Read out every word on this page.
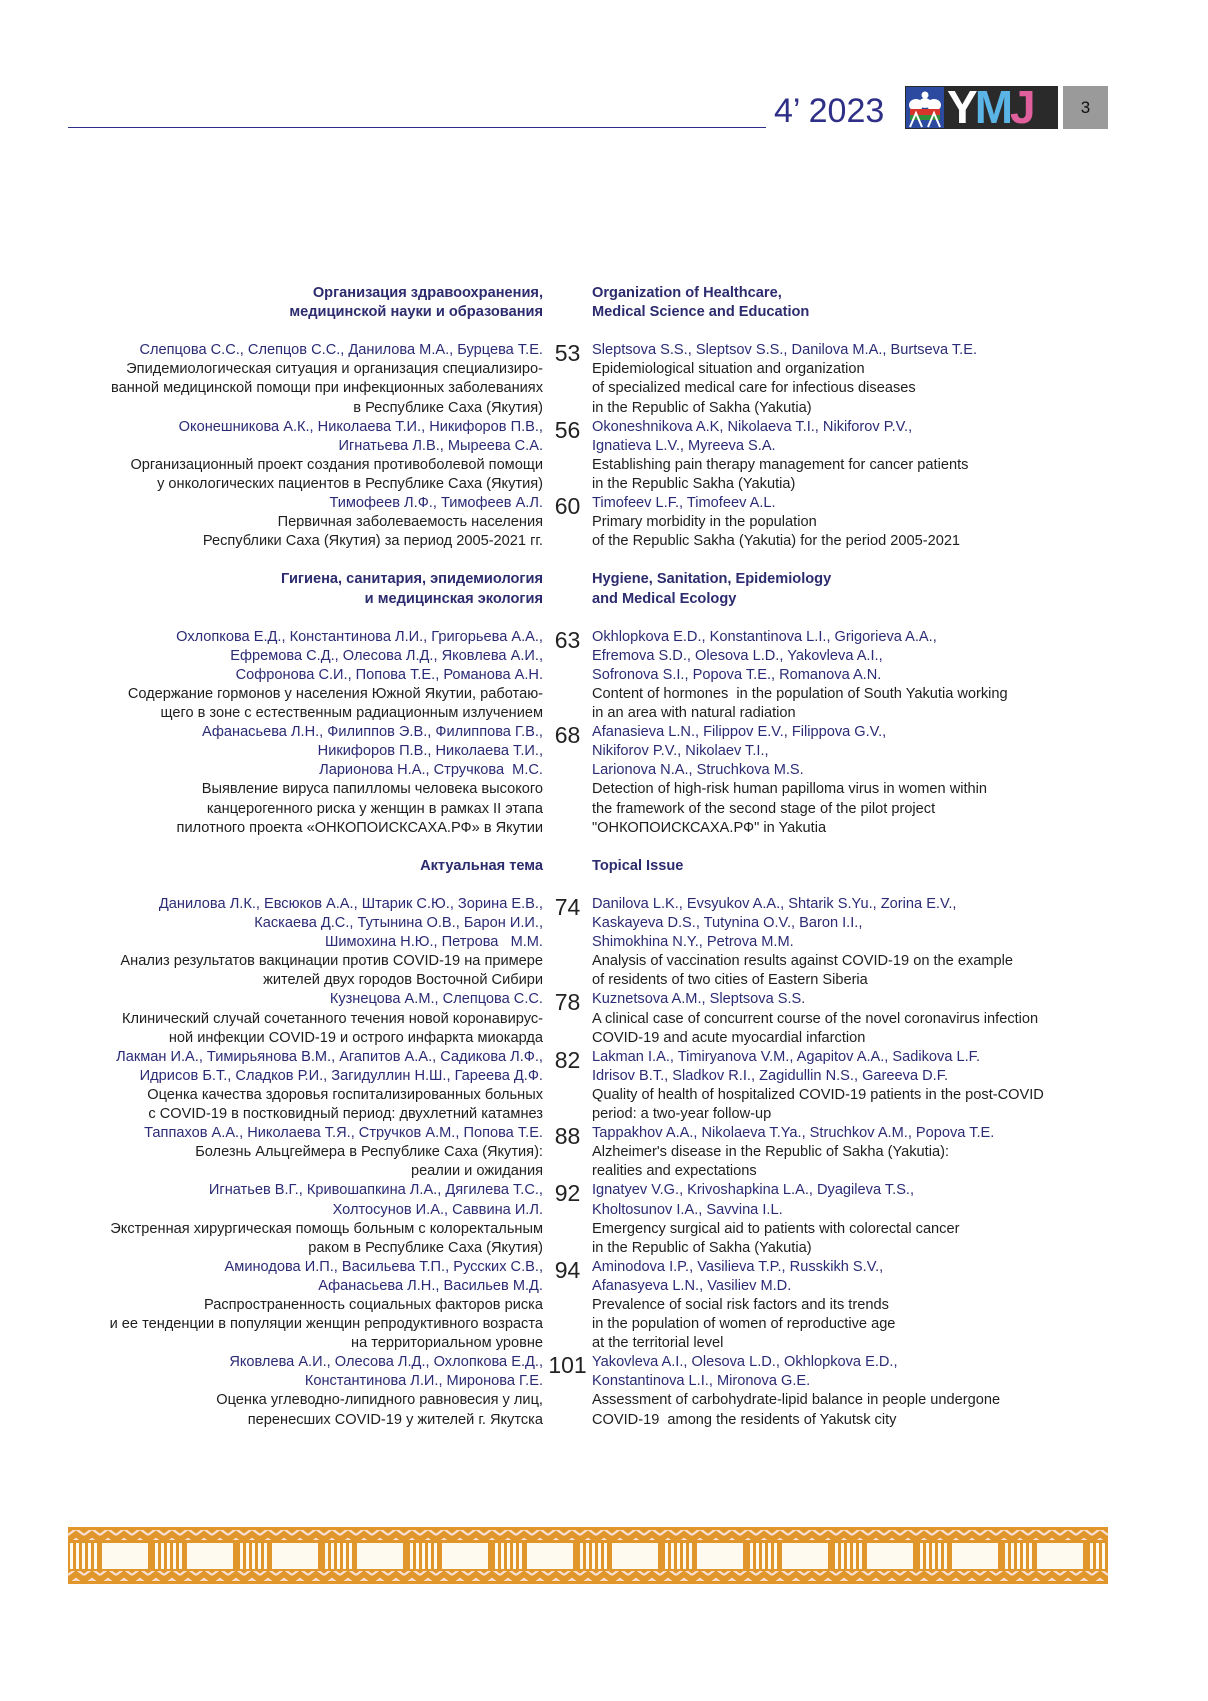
4’ 2023 YMJ	3
Организация здравоохранения,
медицинской науки и образования
Organization of Healthcare,
Medical Science and Education
Слепцова С.С., Слепцов С.С., Данилова М.А., Бурцева Т.Е.
Эпидемиологическая ситуация и организация специализиро-
ванной медицинской помощи при инфекционных заболеваниях
в Республике Саха (Якутия)
53 Sleptsova S.S., Sleptsov S.S., Danilova M.A., Burtseva T.E.
Epidemiological situation and organization
of specialized medical care for infectious diseases
in the Republic of Sakha (Yakutia)
Оконешникова А.К., Николаева Т.И., Никифоров П.В.,
Игнатьева Л.В., Мыреева С.А.
Организационный проект создания противоболевой помощи
у онкологических пациентов в Республике Саха (Якутия)
56 Okoneshnikova A.K, Nikolaeva T.I., Nikiforov P.V.,
Ignatieva L.V., Myreeva S.A.
Establishing pain therapy management for cancer patients
in the Republic Sakha (Yakutia)
Тимофеев Л.Ф., Тимофеев А.Л.
Первичная заболеваемость населения
Республики Саха (Якутия) за период 2005-2021 гг.
60 Timofeev L.F., Timofeev A.L.
Primary morbidity in the population
of the Republic Sakha (Yakutia) for the period 2005-2021
Гигиена, санитария, эпидемиология
и медицинская экология
Hygiene, Sanitation, Epidemiology
and Medical Ecology
Охлопкова Е.Д., Константинова Л.И., Григорьева А.А.,
Ефремова С.Д., Олесова Л.Д., Яковлева А.И.,
Софронова С.И., Попова Т.Е., Романова А.Н.
Содержание гормонов у населения Южной Якутии, работаю-
щего в зоне с естественным радиационным излучением
63 Okhlopkova E.D., Konstantinova L.I., Grigorieva A.A.,
Efremova S.D., Olesova L.D., Yakovleva A.I.,
Sofronova S.I., Popova T.E., Romanova A.N.
Content of hormones  in the population of South Yakutia working
in an area with natural radiation
Афанасьева Л.Н., Филиппов Э.В., Филиппова Г.В.,
Никифоров П.В., Николаева Т.И.,
Ларионова Н.А., Стручкова  М.С.
Выявление вируса папилломы человека высокого
канцерогенного риска у женщин в рамках II этапа
пилотного проекта «ОНКОПОИСКСАХА.РФ» в Якутии
68 Afanasieva L.N., Filippov E.V., Filippova G.V.,
Nikiforov P.V., Nikolaev T.I.,
Larionova N.A., Struchkova M.S.
Detection of high-risk human papilloma virus in women within
the framework of the second stage of the pilot project
"ОНКОПОИСКСАХА.РФ" in Yakutia
Актуальная тема	Topical Issue
Данилова Л.К., Евсюков А.А., Штарик С.Ю., Зорина Е.В.,
Каскаева Д.С., Тутынина О.В., Барон И.И.,
Шимохина Н.Ю., Петрова   М.М.
Анализ результатов вакцинации против COVID-19 на примере
жителей двух городов Восточной Сибири
74 Danilova L.K., Evsyukov A.A., Shtarik S.Yu., Zorina E.V.,
Kaskayeva D.S., Tutynina O.V., Baron I.I.,
Shimokhina N.Y., Petrova M.M.
Analysis of vaccination results against COVID-19 on the example
of residents of two cities of Eastern Siberia
Кузнецова А.М., Слепцова С.С.
Клинический случай сочетанного течения новой коронавирус-
ной инфекции COVID-19 и острого инфаркта миокарда
78 Kuznetsova A.M., Sleptsova S.S.
A clinical case of concurrent course of the novel coronavirus infection
COVID-19 and acute myocardial infarction
Лакман И.А., Тимирьянова В.М., Агапитов А.А., Садикова Л.Ф.,
Идрисов Б.Т., Сладков Р.И., Загидуллин Н.Ш., Гареева Д.Ф.
Оценка качества здоровья госпитализированных больных
с COVID-19 в постковидный период: двухлетний катамнез
82 Lakman I.A., Timiryanova V.M., Agapitov A.A., Sadikova L.F.
Idrisov B.T., Sladkov R.I., Zagidullin N.S., Gareeva D.F.
Quality of health of hospitalized COVID-19 patients in the post-COVID
period: a two-year follow-up
Таппахов А.А., Николаева Т.Я., Стручков А.М., Попова Т.Е.
Болезнь Альцгеймера в Республике Саха (Якутия):
реалии и ожидания
88 Tappakhov A.A., Nikolaeva T.Ya., Struchkov A.M., Popova T.E.
Alzheimer's disease in the Republic of Sakha (Yakutia):
realities and expectations
Игнатьев В.Г., Кривошапкина Л.А., Дягилева Т.С.,
Холтосунов И.А., Саввина И.Л.
Экстренная хирургическая помощь больным с колоректальным
раком в Республике Саха (Якутия)
92 Ignatyev V.G., Krivoshapkina L.A., Dyagileva T.S.,
Kholtosunov I.A., Savvina I.L.
Emergency surgical aid to patients with colorectal cancer
in the Republic of Sakha (Yakutia)
Аминодова И.П., Васильева Т.П., Русских С.В.,
Афанасьева Л.Н., Васильев М.Д.
Распространенность социальных факторов риска
и ее тенденции в популяции женщин репродуктивного возраста
на территориальном уровне
94 Aminodova I.P., Vasilieva T.P., Russkikh S.V.,
Afanasyeva L.N., Vasiliev M.D.
Prevalence of social risk factors and its trends
in the population of women of reproductive age
at the territorial level
Яковлева А.И., Олесова Л.Д., Охлопкова Е.Д.,
Константинова Л.И., Миронова Г.Е.
Оценка углеводно-липидного равновесия у лиц,
перенесших COVID-19 у жителей г. Якутска
101 Yakovleva A.I., Olesova L.D., Okhlopkova E.D.,
Konstantinova L.I., Mironova G.E.
Assessment of carbohydrate-lipid balance in people undergone
COVID-19  among the residents of Yakutsk city
